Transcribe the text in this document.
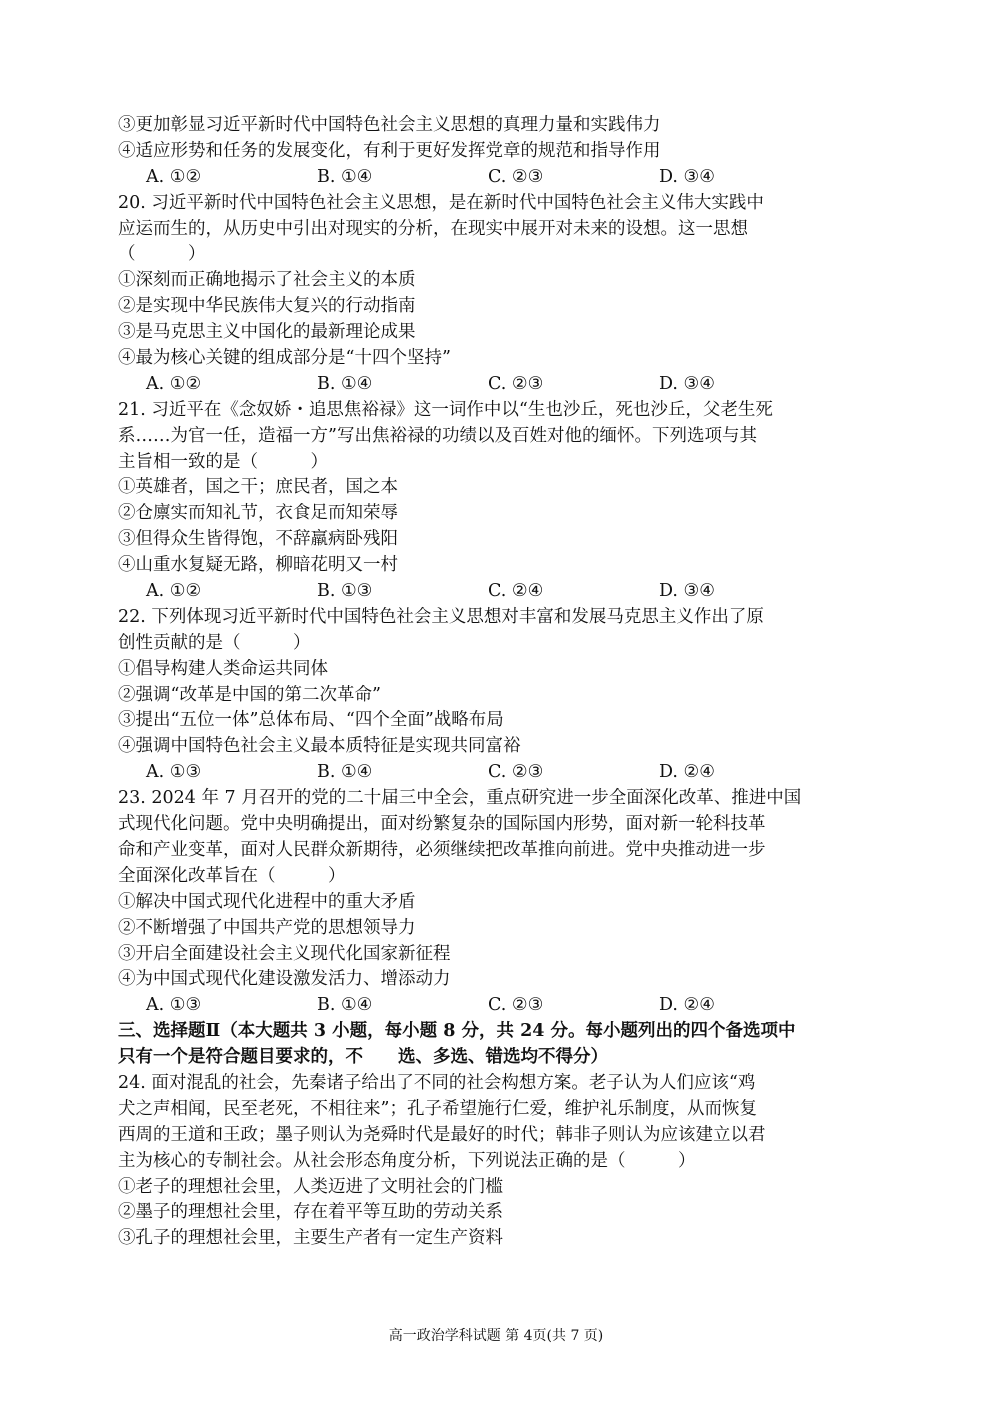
③更加彰显习近平新时代中国特色社会主义思想的真理力量和实践伟力
④适应形势和任务的发展变化，有利于更好发挥党章的规范和指导作用
A. ①②	B. ①④	C. ②③	D. ③④
20. 习近平新时代中国特色社会主义思想，是在新时代中国特色社会主义伟大实践中
应运而生的，从历史中引出对现实的分析，在现实中展开对未来的设想。这一思想
（　　　）
①深刻而正确地揭示了社会主义的本质
②是实现中华民族伟大复兴的行动指南
③是马克思主义中国化的最新理论成果
④最为核心关键的组成部分是“十四个坚持”
A. ①②	B. ①④	C. ②③	D. ③④
21. 习近平在《念奴娇・追思焦裕禄》这一词作中以“生也沙丘，死也沙丘，父老生死
系……为官一任，造福一方”写出焦裕禄的功绩以及百姓对他的缅怀。下列选项与其
主旨相一致的是（　　　）
①英雄者，国之干；庶民者，国之本
②仓廪实而知礼节，衣食足而知荣辱
③但得众生皆得饱，不辞羸病卧残阳
④山重水复疑无路，柳暗花明又一村
A. ①②	B. ①③	C. ②④	D. ③④
22. 下列体现习近平新时代中国特色社会主义思想对丰富和发展马克思主义作出了原
创性贡献的是（　　　）
①倡导构建人类命运共同体
②强调“改革是中国的第二次革命”
③提出“五位一体”总体布局、“四个全面”战略布局
④强调中国特色社会主义最本质特征是实现共同富裕
A. ①③	B. ①④	C. ②③	D. ②④
23. 2024 年 7 月召开的党的二十届三中全会，重点研究进一步全面深化改革、推进中国
式现代化问题。党中央明确提出，面对纷繁复杂的国际国内形势，面对新一轮科技革
命和产业变革，面对人民群众新期待，必须继续把改革推向前进。党中央推动进一步
全面深化改革旨在（　　　）
①解决中国式现代化进程中的重大矛盾
②不断增强了中国共产党的思想领导力
③开启全面建设社会主义现代化国家新征程
④为中国式现代化建设激发活力、增添动力
A. ①③	B. ①④	C. ②③	D. ②④
三、选择题Ⅱ（本大题共 3 小题，每小题 8 分，共 24 分。每小题列出的四个备选项中
只有一个是符合题目要求的，不　　选、多选、错选均不得分）
24. 面对混乱的社会，先秦诸子给出了不同的社会构想方案。老子认为人们应该“鸡
犬之声相闻，民至老死，不相往来”；孔子希望施行仁爱，维护礼乐制度，从而恢复
西周的王道和王政；墨子则认为尧舜时代是最好的时代；韩非子则认为应该建立以君
主为核心的专制社会。从社会形态角度分析，下列说法正确的是（　　　）
①老子的理想社会里，人类迈进了文明社会的门槛
②墨子的理想社会里，存在着平等互助的劳动关系
③孔子的理想社会里，主要生产者有一定生产资料
高一政治学科试题 第 4页(共 7 页)
